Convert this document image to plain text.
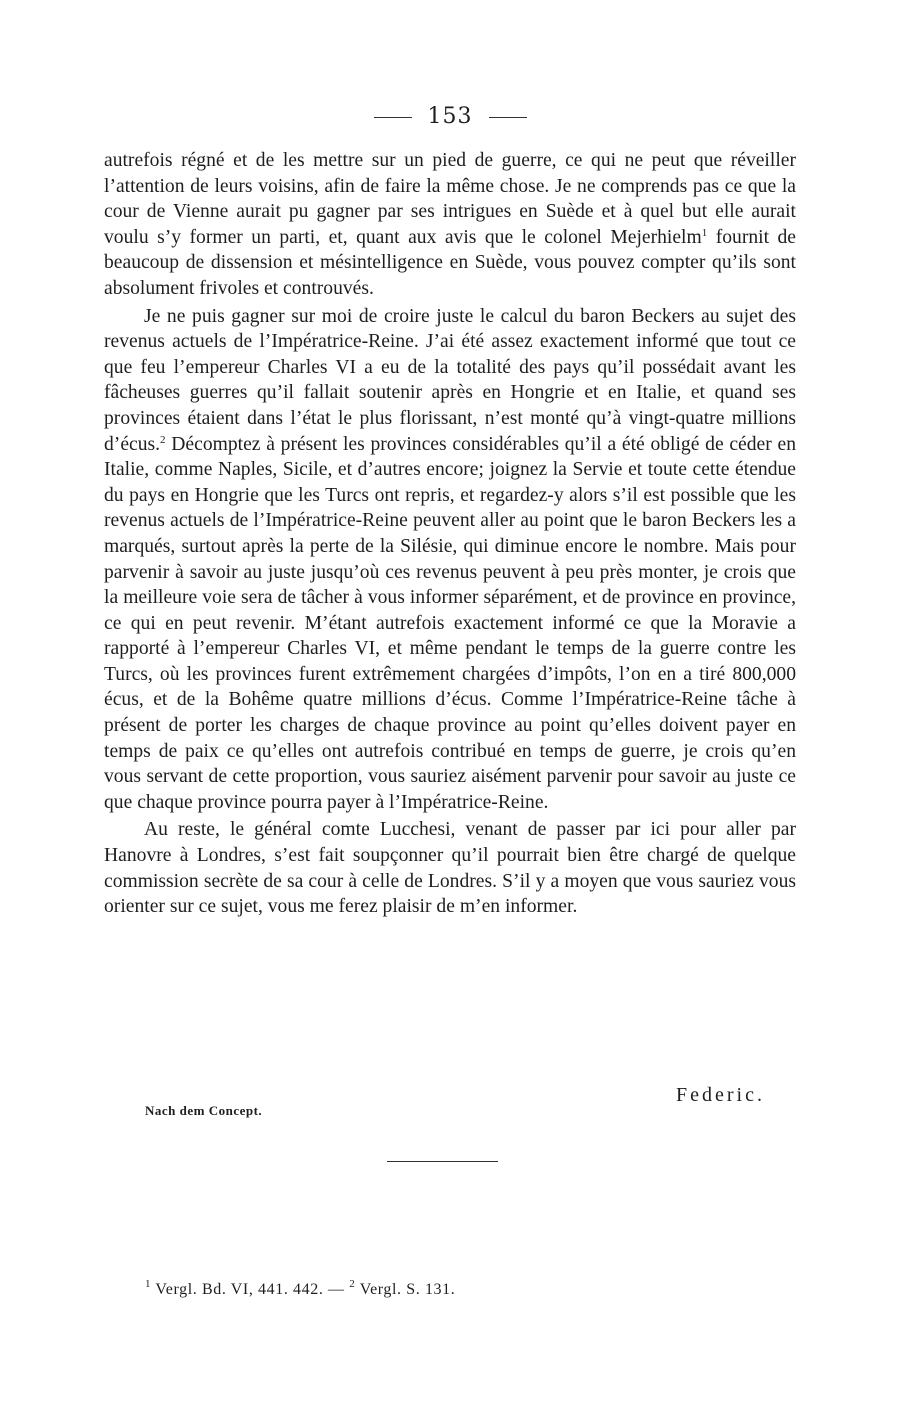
153

autrefois régné et de les mettre sur un pied de guerre, ce qui ne peut que réveiller l’attention de leurs voisins, afin de faire la même chose. Je ne comprends pas ce que la cour de Vienne aurait pu gagner par ses intrigues en Suède et à quel but elle aurait voulu s’y former un parti, et, quant aux avis que le colonel Mejerhielm$^1$ fournit de beaucoup de dissension et mésintelligence en Suède, vous pouvez compter qu’ils sont absolument frivoles et controuvés.

Je ne puis gagner sur moi de croire juste le calcul du baron Beckers au sujet des revenus actuels de l’Impératrice-Reine. J’ai été assez exactement informé que tout ce que feu l’empereur Charles VI a eu de la totalité des pays qu’il possédait avant les fâcheuses guerres qu’il fallait soutenir après en Hongrie et en Italie, et quand ses provinces étaient dans l’état le plus florissant, n’est monté qu’à vingt-quatre millions d’écus.$^2$ Décomptez à présent les provinces considérables qu’il a été obligé de céder en Italie, comme Naples, Sicile, et d’autres encore; joignez la Servie et toute cette étendue du pays en Hongrie que les Turcs ont repris, et regardez-y alors s’il est possible que les revenus actuels de l’Impératrice-Reine peuvent aller au point que le baron Beckers les a marqués, surtout après la perte de la Silésie, qui diminue encore le nombre. Mais pour parvenir à savoir au juste jusqu’où ces revenus peuvent à peu près monter, je crois que la meilleure voie sera de tâcher à vous informer séparément, et de province en province, ce qui en peut revenir. M’étant autrefois exactement informé ce que la Moravie a rapporté à l’empereur Charles VI, et même pendant le temps de la guerre contre les Turcs, où les provinces furent extrêmement chargées d’impôts, l’on en a tiré 800,000 écus, et de la Bohême quatre millions d’écus. Comme l’Impératrice-Reine tâche à présent de porter les charges de chaque province au point qu’elles doivent payer en temps de paix ce qu’elles ont autrefois contribué en temps de guerre, je crois qu’en vous servant de cette proportion, vous sauriez aisément parvenir pour savoir au juste ce que chaque province pourra payer à l’Impératrice-Reine.

Au reste, le général comte Lucchesi, venant de passer par ici pour aller par Hanovre à Londres, s’est fait soupçonner qu’il pourrait bien être chargé de quelque commission secrète de sa cour à celle de Londres. S’il y a moyen que vous sauriez vous orienter sur ce sujet, vous me ferez plaisir de m’en informer.

Federic.
Nach dem Concept.
$^1$ Vergl. Bd. VI, 441. 442. — $^2$ Vergl. S. 131.
